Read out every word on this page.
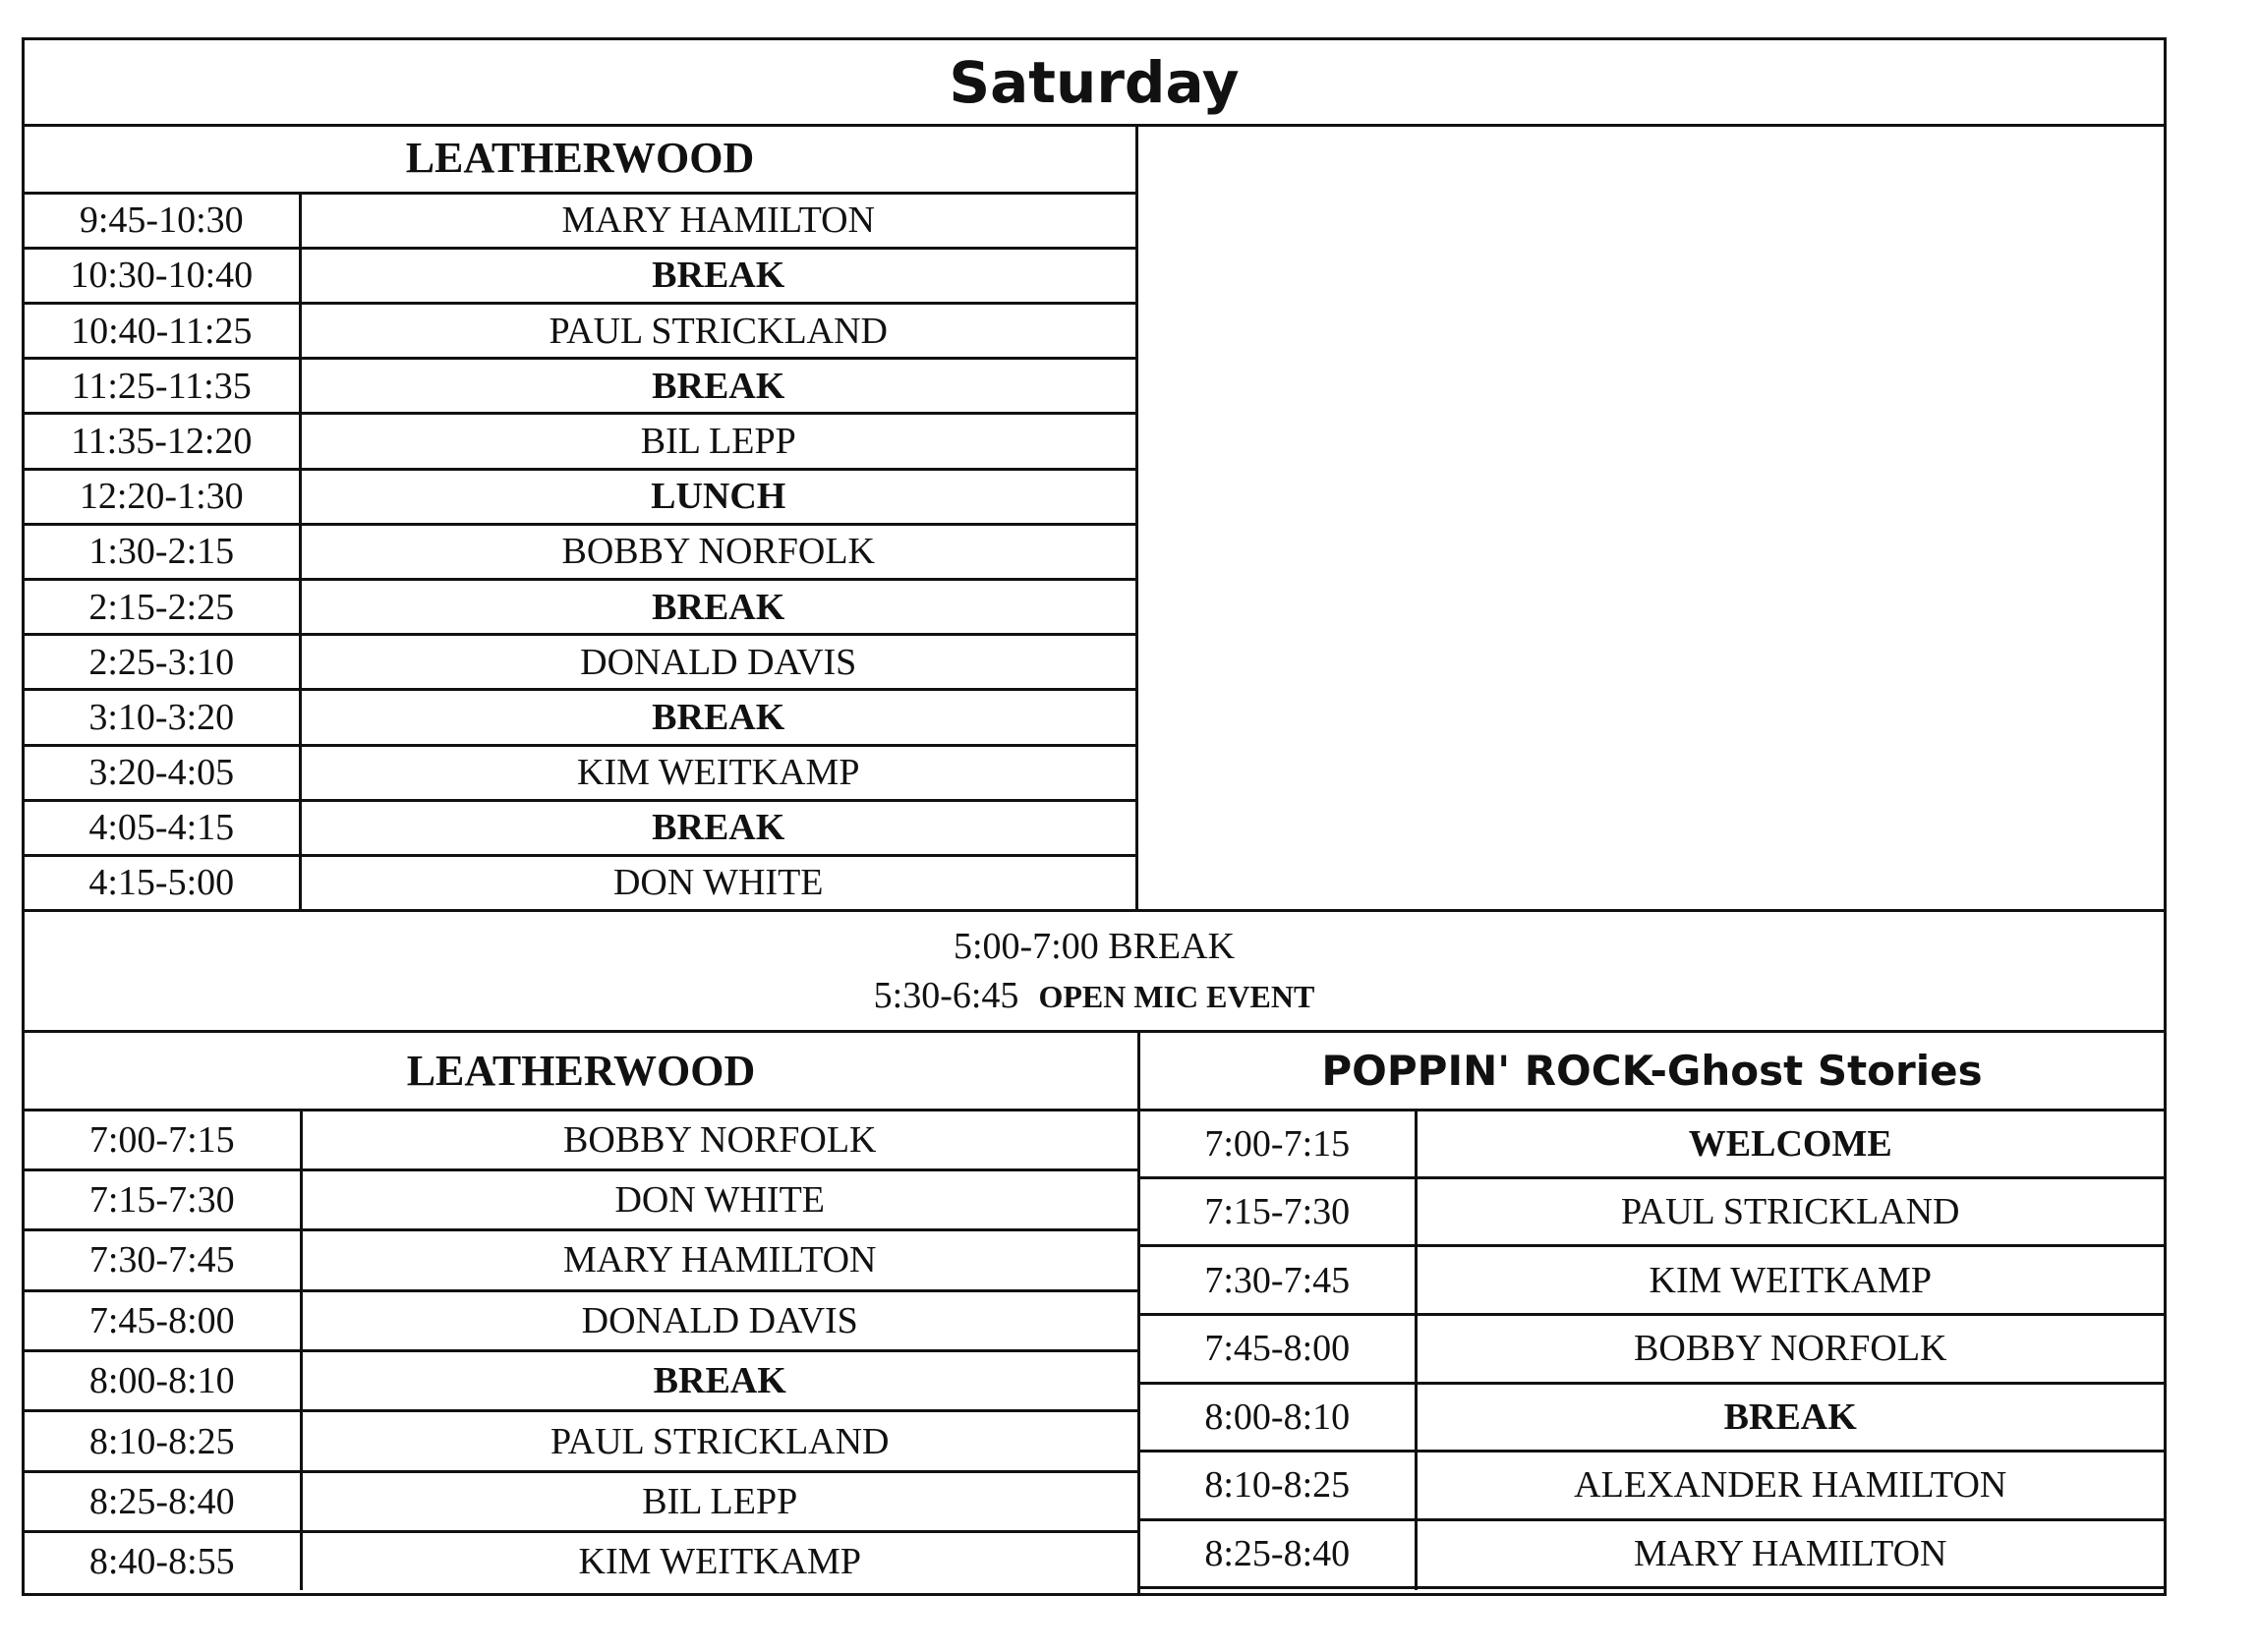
Saturday
LEATHERWOOD
9:45-10:30	MARY HAMILTON
10:30-10:40	BREAK
10:40-11:25	PAUL STRICKLAND
11:25-11:35	BREAK
11:35-12:20	BIL LEPP
12:20-1:30	LUNCH
1:30-2:15	BOBBY NORFOLK
2:15-2:25	BREAK
2:25-3:10	DONALD DAVIS
3:10-3:20	BREAK
3:20-4:05	KIM WEITKAMP
4:05-4:15	BREAK
4:15-5:00	DON WHITE
5:00-7:00 BREAK
5:30-6:45 OPEN MIC EVENT
LEATHERWOOD
7:00-7:15	BOBBY NORFOLK
7:15-7:30	DON WHITE
7:30-7:45	MARY HAMILTON
7:45-8:00	DONALD DAVIS
8:00-8:10	BREAK
8:10-8:25	PAUL STRICKLAND
8:25-8:40	BIL LEPP
8:40-8:55	KIM WEITKAMP
POPPIN' ROCK-Ghost Stories
7:00-7:15	WELCOME
7:15-7:30	PAUL STRICKLAND
7:30-7:45	KIM WEITKAMP
7:45-8:00	BOBBY NORFOLK
8:00-8:10	BREAK
8:10-8:25	ALEXANDER HAMILTON
8:25-8:40	MARY HAMILTON
